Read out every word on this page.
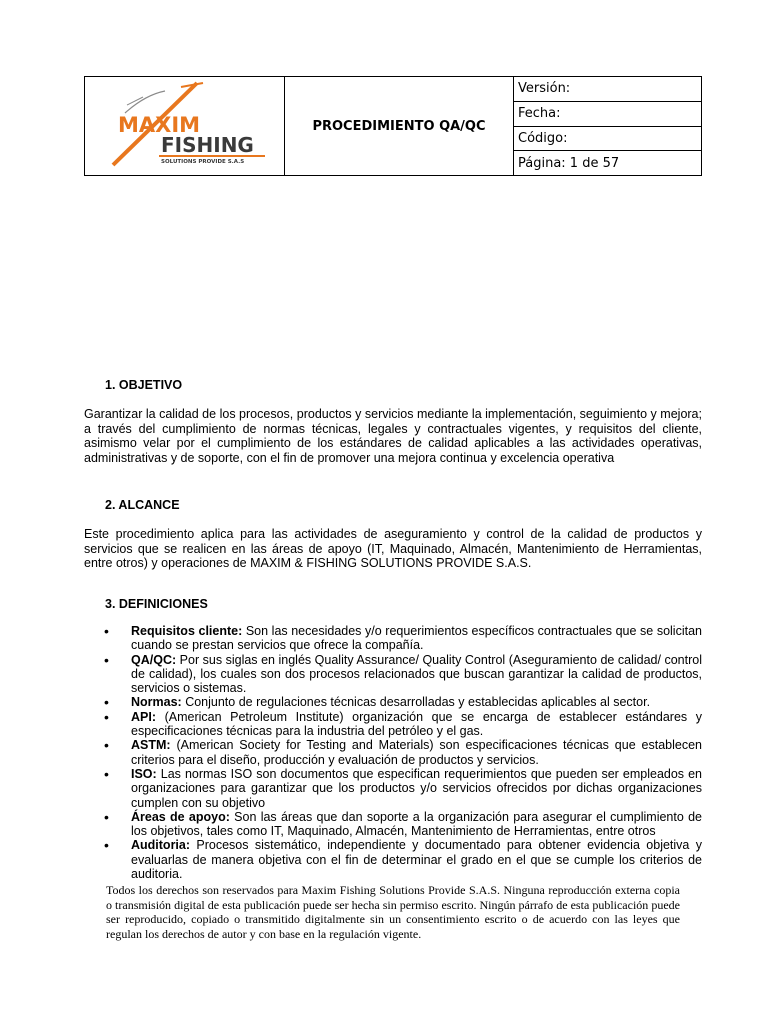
MAXIM
FISHING
SOLUTIONS PROVIDE S.A.S
PROCEDIMIENTO QA/QC
Versión:
Fecha:
Código:
Página: 1 de 57
1. OBJETIVO

Garantizar la calidad de los procesos, productos y servicios mediante la implementación, seguimiento y mejora; a través del cumplimiento de normas técnicas, legales y contractuales vigentes, y requisitos del cliente, asimismo velar por el cumplimiento de los estándares de calidad aplicables a las actividades operativas, administrativas y de soporte, con el fin de promover una mejora continua y excelencia operativa

2. ALCANCE

Este procedimiento aplica para las actividades de aseguramiento y control de la calidad de productos y servicios que se realicen en las áreas de apoyo (IT, Maquinado, Almacén, Mantenimiento de Herramientas, entre otros) y operaciones de MAXIM & FISHING SOLUTIONS PROVIDE S.A.S.

3. DEFINICIONES
• Requisitos cliente: Son las necesidades y/o requerimientos específicos contractuales que se solicitan cuando se prestan servicios que ofrece la compañía.
• QA/QC: Por sus siglas en inglés Quality Assurance/ Quality Control (Aseguramiento de calidad/ control de calidad), los cuales son dos procesos relacionados que buscan garantizar la calidad de productos, servicios o sistemas.
• Normas: Conjunto de regulaciones técnicas desarrolladas y establecidas aplicables al sector.
• API: (American Petroleum Institute) organización que se encarga de establecer estándares y especificaciones técnicas para la industria del petróleo y el gas.
• ASTM: (American Society for Testing and Materials) son especificaciones técnicas que establecen criterios para el diseño, producción y evaluación de productos y servicios.
• ISO: Las normas ISO son documentos que especifican requerimientos que pueden ser empleados en organizaciones para garantizar que los productos y/o servicios ofrecidos por dichas organizaciones cumplen con su objetivo
• Áreas de apoyo: Son las áreas que dan soporte a la organización para asegurar el cumplimiento de los objetivos, tales como IT, Maquinado, Almacén, Mantenimiento de Herramientas, entre otros
• Auditoria: Procesos sistemático, independiente y documentado para obtener evidencia objetiva y evaluarlas de manera objetiva con el fin de determinar el grado en el que se cumple los criterios de auditoria.

Todos los derechos son reservados para Maxim Fishing Solutions Provide S.A.S. Ninguna reproducción externa copia o transmisión digital de esta publicación puede ser hecha sin permiso escrito. Ningún párrafo de esta publicación puede ser reproducido, copiado o transmitido digitalmente sin un consentimiento escrito o de acuerdo con las leyes que regulan los derechos de autor y con base en la regulación vigente.
